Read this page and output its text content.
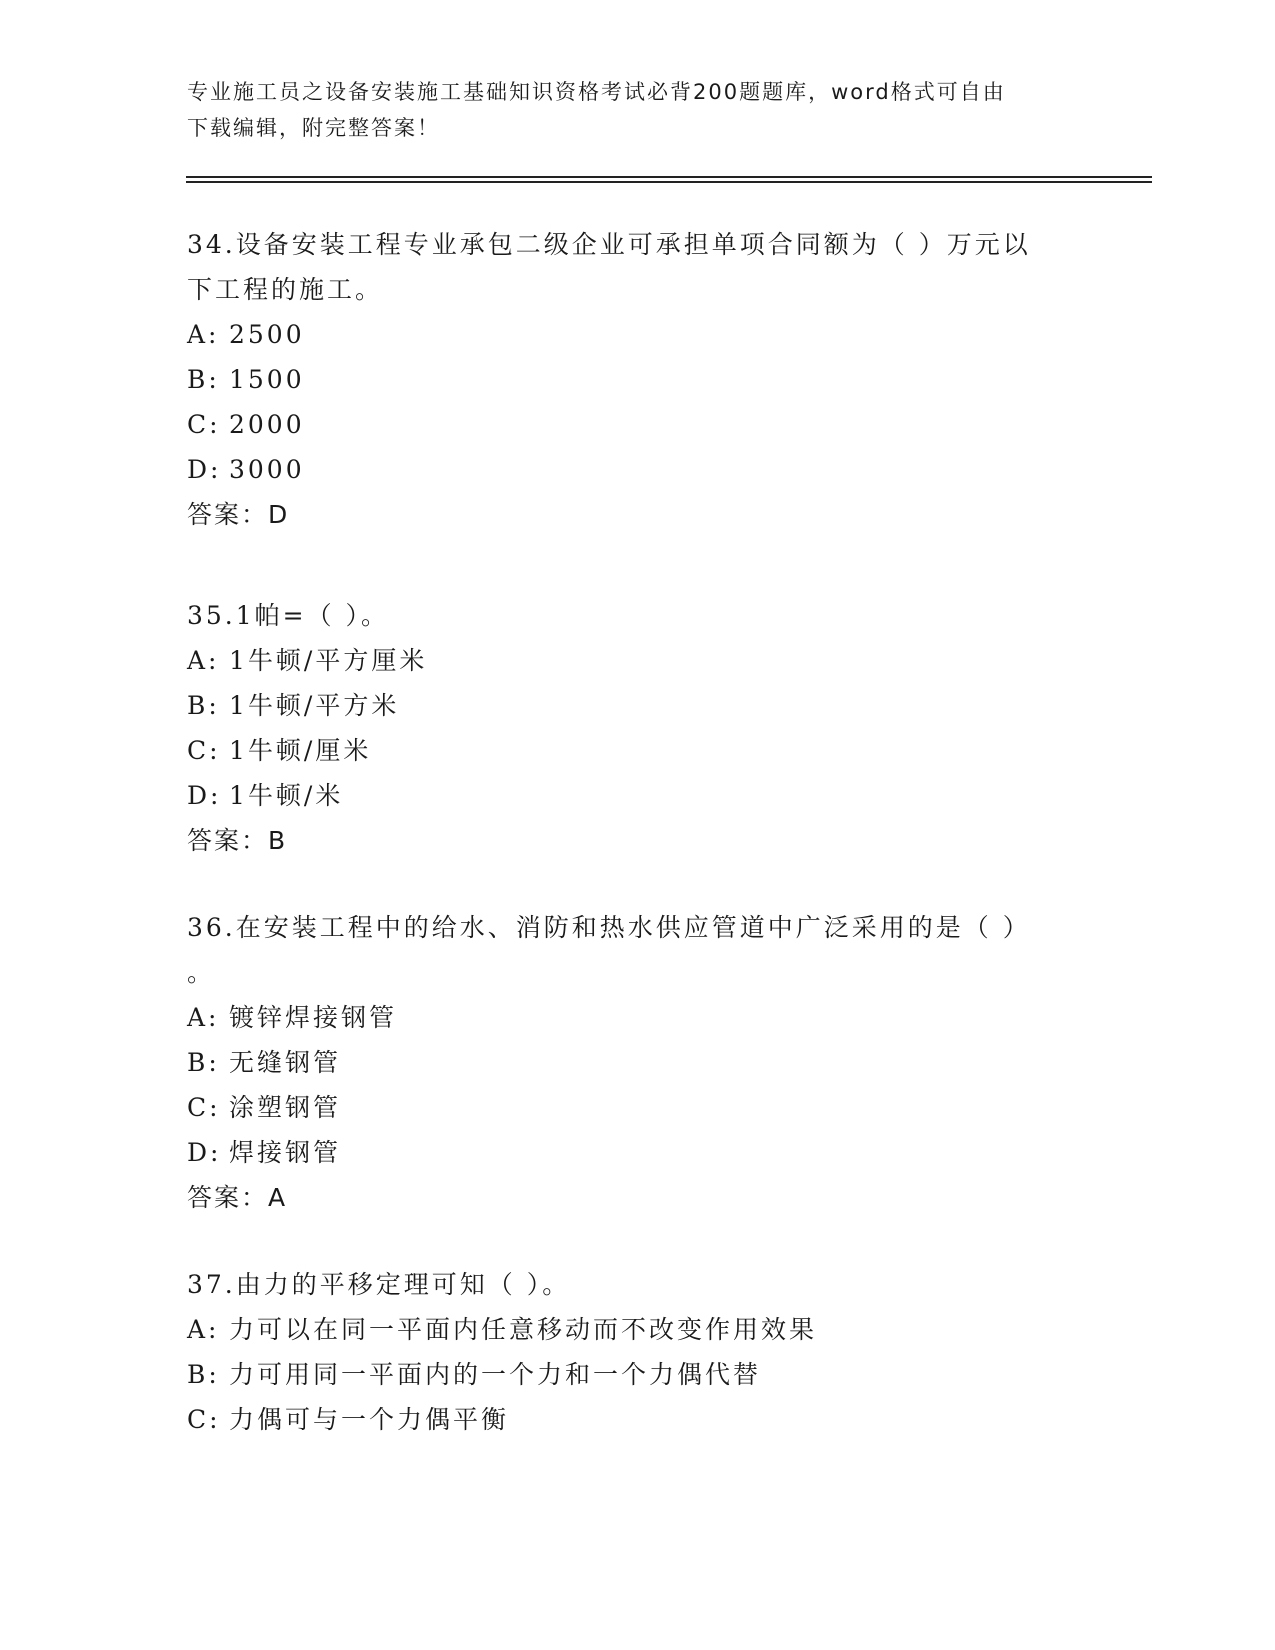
专业施工员之设备安装施工基础知识资格考试必背200题题库，word格式可自由
下载编辑，附完整答案！

34.设备安装工程专业承包二级企业可承担单项合同额为（ ）万元以

下工程的施工。

A: 2500

B: 1500

C: 2000

D: 3000

答案：D

35.1帕=（ ）。

A: 1牛顿/平方厘米

B: 1牛顿/平方米

C: 1牛顿/厘米

D: 1牛顿/米

答案：B

36.在安装工程中的给水、消防和热水供应管道中广泛采用的是（ ）

。

A: 镀锌焊接钢管

B: 无缝钢管

C: 涂塑钢管

D: 焊接钢管

答案：A

37.由力的平移定理可知（ ）。

A: 力可以在同一平面内任意移动而不改变作用效果

B: 力可用同一平面内的一个力和一个力偶代替

C: 力偶可与一个力偶平衡
